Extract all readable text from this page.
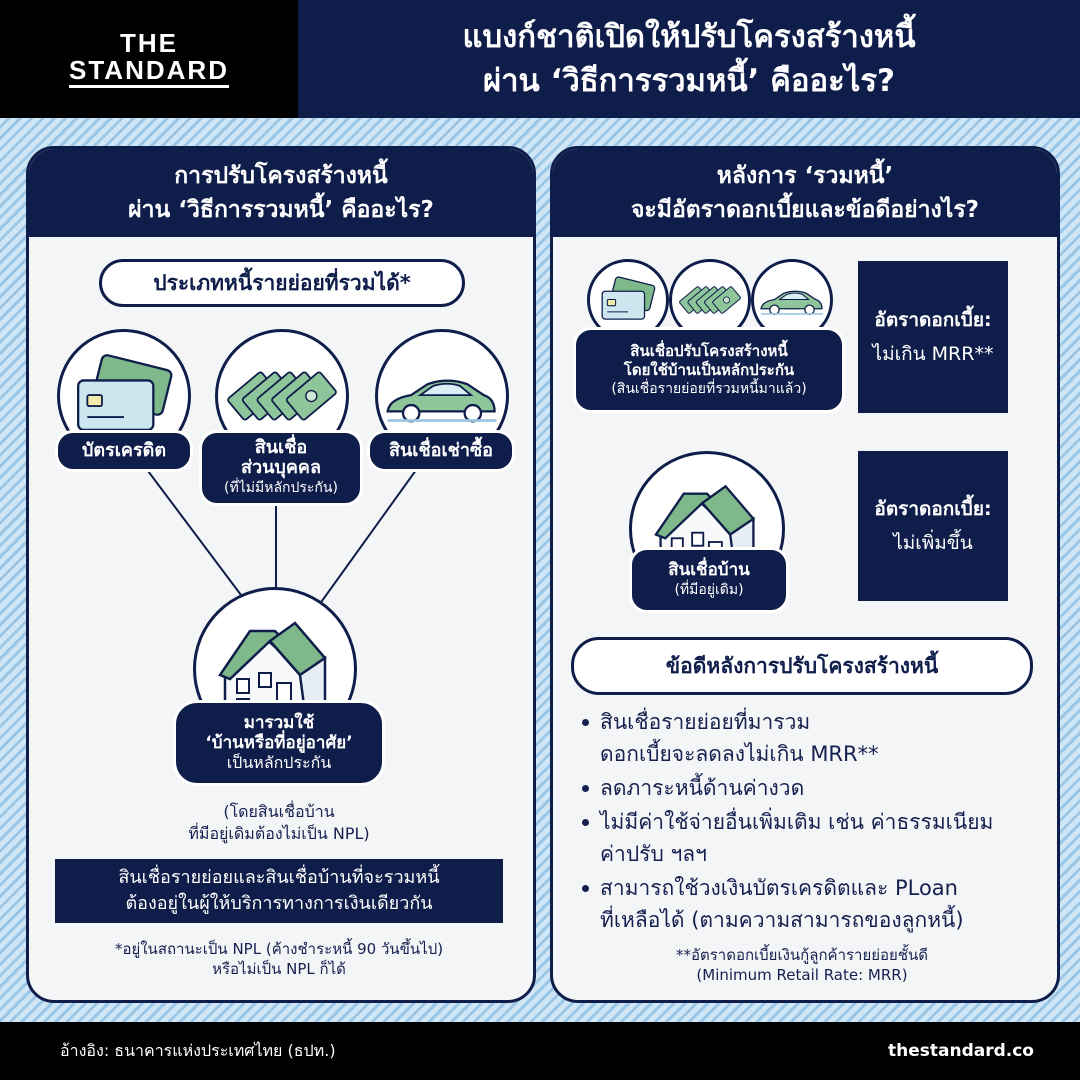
THE
STANDARD
แบงก์ชาติเปิดให้ปรับโครงสร้างหนี้
ผ่าน ‘วิธีการรวมหนี้’ คืออะไร?
การปรับโครงสร้างหนี้
ผ่าน ‘วิธีการรวมหนี้’ คืออะไร?
ประเภทหนี้รายย่อยที่รวมได้*
บัตรเครดิต	สินเชื่อ
ส่วนบุคคล
(ที่ไม่มีหลักประกัน)
สินเชื่อเช่าซื้อ
มารวมใช้
‘บ้านหรือที่อยู่อาศัย’
เป็นหลักประกัน
(โดยสินเชื่อบ้าน
ที่มีอยู่เดิมต้องไม่เป็น NPL)
สินเชื่อรายย่อยและสินเชื่อบ้านที่จะรวมหนี้
ต้องอยู่ในผู้ให้บริการทางการเงินเดียวกัน
*อยู่ในสถานะเป็น NPL (ค้างชำระหนี้ 90 วันขึ้นไป)
หรือไม่เป็น NPL ก็ได้
หลังการ ‘รวมหนี้’
จะมีอัตราดอกเบี้ยและข้อดีอย่างไร?
สินเชื่อปรับโครงสร้างหนี้
โดยใช้บ้านเป็นหลักประกัน
(สินเชื่อรายย่อยที่รวมหนี้มาแล้ว)
อัตราดอกเบี้ย:
ไม่เกิน MRR**
สินเชื่อบ้าน
(ที่มีอยู่เดิม)
อัตราดอกเบี้ย:
ไม่เพิ่มขึ้น
ข้อดีหลังการปรับโครงสร้างหนี้
**อัตราดอกเบี้ยเงินกู้ลูกค้ารายย่อยชั้นดี
(Minimum Retail Rate: MRR)
สินเชื่อรายย่อยที่มารวม
ดอกเบี้ยจะลดลงไม่เกิน MRR**
ลดภาระหนี้ด้านค่างวด
ไม่มีค่าใช้จ่ายอื่นเพิ่มเติม เช่น ค่าธรรมเนียม
ค่าปรับ ฯลฯ
สามารถใช้วงเงินบัตรเครดิตและ PLoan
ที่เหลือได้ (ตามความสามารถของลูกหนี้)
อ้างอิง: ธนาคารแห่งประเทศไทย (ธปท.)	thestandard.co
